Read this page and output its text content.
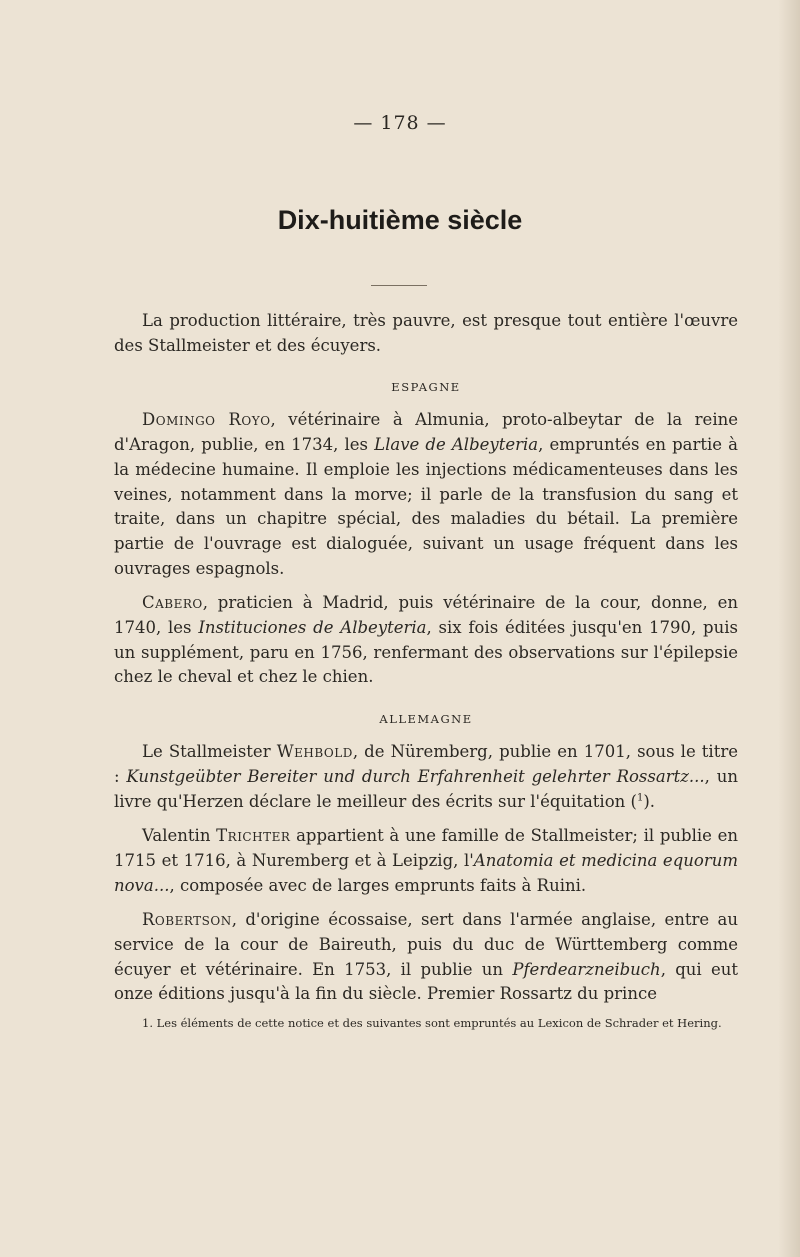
— 178 —
Dix-huitième siècle

La production littéraire, très pauvre, est presque tout entière l'œuvre des Stallmeister et des écuyers.

ESPAGNE

Domingo Royo, vétérinaire à Almunia, proto-albeytar de la reine d'Aragon, publie, en 1734, les Llave de Albeyteria, empruntés en partie à la médecine humaine. Il emploie les injections médicamenteuses dans les veines, notamment dans la morve; il parle de la transfusion du sang et traite, dans un chapitre spécial, des maladies du bétail. La première partie de l'ouvrage est dialoguée, suivant un usage fréquent dans les ouvrages espagnols.

Cabero, praticien à Madrid, puis vétérinaire de la cour, donne, en 1740, les Instituciones de Albeyteria, six fois éditées jusqu'en 1790, puis un supplément, paru en 1756, renfermant des observations sur l'épilepsie chez le cheval et chez le chien.

ALLEMAGNE

Le Stallmeister Wehbold, de Nüremberg, publie en 1701, sous le titre : Kunstgeübter Bereiter und durch Erfahrenheit gelehrter Rossartz..., un livre qu'Herzen déclare le meilleur des écrits sur l'équitation ($^1$).

Valentin Trichter appartient à une famille de Stallmeister; il publie en 1715 et 1716, à Nuremberg et à Leipzig, l'Anatomia et medicina equorum nova..., composée avec de larges emprunts faits à Ruini.

Robertson, d'origine écossaise, sert dans l'armée anglaise, entre au service de la cour de Baireuth, puis du duc de Württemberg comme écuyer et vétérinaire. En 1753, il publie un Pferdearzneibuch, qui eut onze éditions jusqu'à la fin du siècle. Premier Rossartz du prince

1. Les éléments de cette notice et des suivantes sont empruntés au Lexicon de Schrader et Hering.
